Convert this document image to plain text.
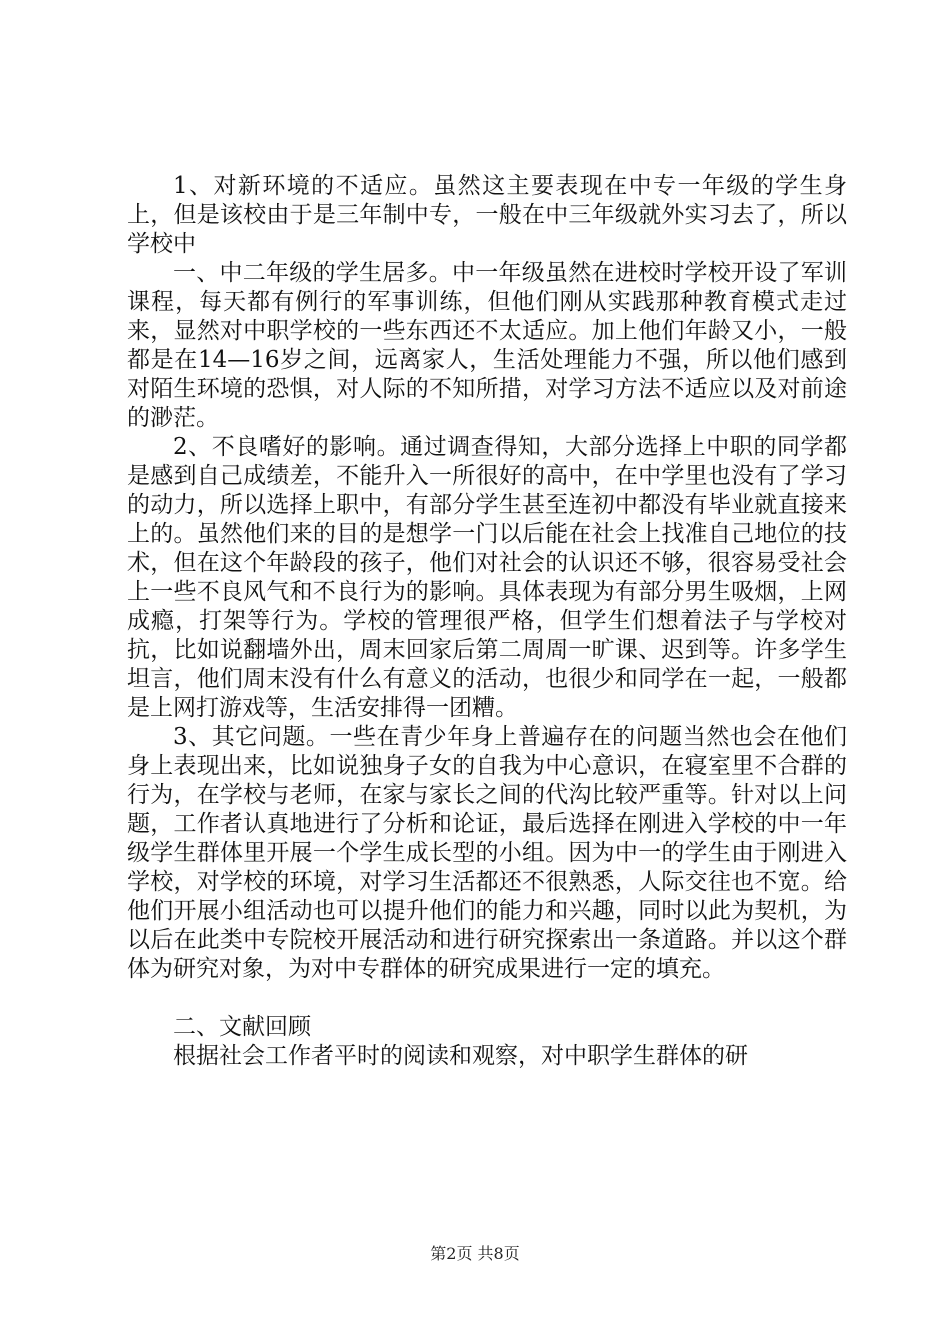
1、对新环境的不适应。虽然这主要表现在中专一年级的学生身上，但是该校由于是三年制中专，一般在中三年级就外实习去了，所以学校中

一、中二年级的学生居多。中一年级虽然在进校时学校开设了军训课程，每天都有例行的军事训练，但他们刚从实践那种教育模式走过来，显然对中职学校的一些东西还不太适应。加上他们年龄又小，一般都是在14—16岁之间，远离家人，生活处理能力不强，所以他们感到对陌生环境的恐惧，对人际的不知所措，对学习方法不适应以及对前途的渺茫。

2、不良嗜好的影响。通过调查得知，大部分选择上中职的同学都是感到自己成绩差，不能升入一所很好的高中，在中学里也没有了学习的动力，所以选择上职中，有部分学生甚至连初中都没有毕业就直接来上的。虽然他们来的目的是想学一门以后能在社会上找准自己地位的技术，但在这个年龄段的孩子，他们对社会的认识还不够，很容易受社会上一些不良风气和不良行为的影响。具体表现为有部分男生吸烟，上网成瘾，打架等行为。学校的管理很严格，但学生们想着法子与学校对抗，比如说翻墙外出，周末回家后第二周周一旷课、迟到等。许多学生坦言，他们周末没有什么有意义的活动，也很少和同学在一起，一般都是上网打游戏等，生活安排得一团糟。

3、其它问题。一些在青少年身上普遍存在的问题当然也会在他们身上表现出来，比如说独身子女的自我为中心意识，在寝室里不合群的行为，在学校与老师，在家与家长之间的代沟比较严重等。针对以上问题，工作者认真地进行了分析和论证，最后选择在刚进入学校的中一年级学生群体里开展一个学生成长型的小组。因为中一的学生由于刚进入学校，对学校的环境，对学习生活都还不很熟悉，人际交往也不宽。给他们开展小组活动也可以提升他们的能力和兴趣，同时以此为契机，为以后在此类中专院校开展活动和进行研究探索出一条道路。并以这个群体为研究对象，为对中专群体的研究成果进行一定的填充。

二、文献回顾

根据社会工作者平时的阅读和观察，对中职学生群体的研

第2页 共8页
